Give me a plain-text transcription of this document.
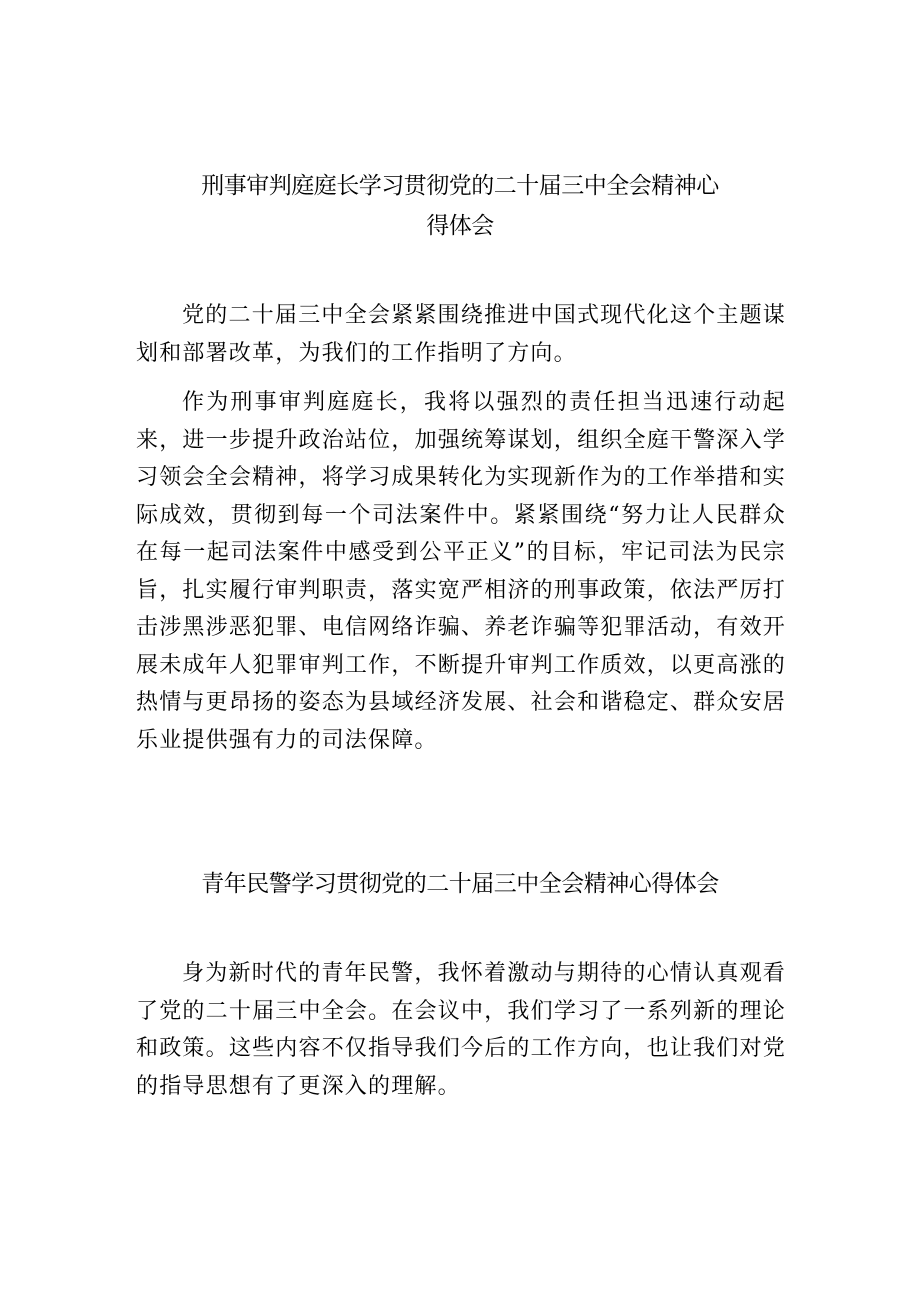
刑事审判庭庭长学习贯彻党的二十届三中全会精神心
得体会

党的二十届三中全会紧紧围绕推进中国式现代化这个主题谋划和部署改革，为我们的工作指明了方向。

作为刑事审判庭庭长，我将以强烈的责任担当迅速行动起来，进一步提升政治站位，加强统筹谋划，组织全庭干警深入学习领会全会精神，将学习成果转化为实现新作为的工作举措和实际成效，贯彻到每一个司法案件中。紧紧围绕“努力让人民群众在每一起司法案件中感受到公平正义”的目标，牢记司法为民宗旨，扎实履行审判职责，落实宽严相济的刑事政策，依法严厉打击涉黑涉恶犯罪、电信网络诈骗、养老诈骗等犯罪活动，有效开展未成年人犯罪审判工作，不断提升审判工作质效，以更高涨的热情与更昂扬的姿态为县域经济发展、社会和谐稳定、群众安居乐业提供强有力的司法保障。

青年民警学习贯彻党的二十届三中全会精神心得体会

身为新时代的青年民警，我怀着激动与期待的心情认真观看了党的二十届三中全会。在会议中，我们学习了一系列新的理论和政策。这些内容不仅指导我们今后的工作方向，也让我们对党的指导思想有了更深入的理解。
